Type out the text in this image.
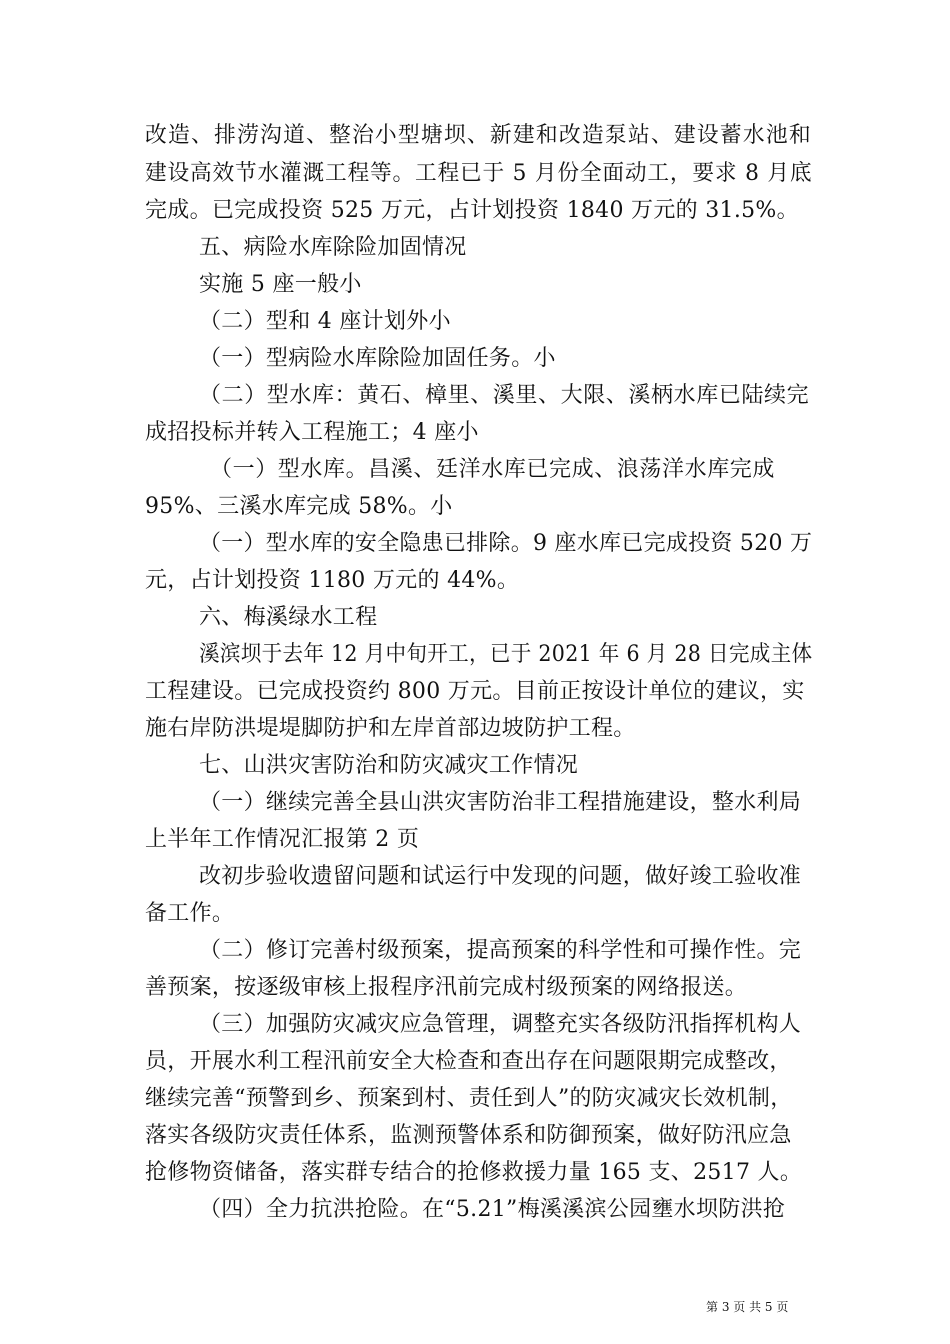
改造、排涝沟道、整治小型塘坝、新建和改造泵站、建设蓄水池和
建设高效节水灌溉工程等。工程已于 5 月份全面动工，要求 8 月底
完成。已完成投资 525 万元，占计划投资 1840 万元的 31.5%。
五、病险水库除险加固情况
实施 5 座一般小
（二）型和 4 座计划外小
（一）型病险水库除险加固任务。小
（二）型水库：黄石、樟里、溪里、大限、溪柄水库已陆续完
成招投标并转入工程施工；4 座小
（一）型水库。昌溪、廷洋水库已完成、浪荡洋水库完成
95%、三溪水库完成 58%。小
（一）型水库的安全隐患已排除。9 座水库已完成投资 520 万
元，占计划投资 1180 万元的 44%。
六、梅溪绿水工程
溪滨坝于去年 12 月中旬开工，已于 2021 年 6 月 28 日完成主体
工程建设。已完成投资约 800 万元。目前正按设计单位的建议，实
施右岸防洪堤堤脚防护和左岸首部边坡防护工程。
七、山洪灾害防治和防灾减灾工作情况
（一）继续完善全县山洪灾害防治非工程措施建设，整水利局
上半年工作情况汇报第 2 页
改初步验收遗留问题和试运行中发现的问题，做好竣工验收准
备工作。
（二）修订完善村级预案，提高预案的科学性和可操作性。完
善预案，按逐级审核上报程序汛前完成村级预案的网络报送。
（三）加强防灾减灾应急管理，调整充实各级防汛指挥机构人
员，开展水利工程汛前安全大检查和查出存在问题限期完成整改，
继续完善“预警到乡、预案到村、责任到人”的防灾减灾长效机制，
落实各级防灾责任体系，监测预警体系和防御预案，做好防汛应急
抢修物资储备，落实群专结合的抢修救援力量 165 支、2517 人。
（四）全力抗洪抢险。在“5.21”梅溪溪滨公园壅水坝防洪抢
第 3 页 共 5 页
